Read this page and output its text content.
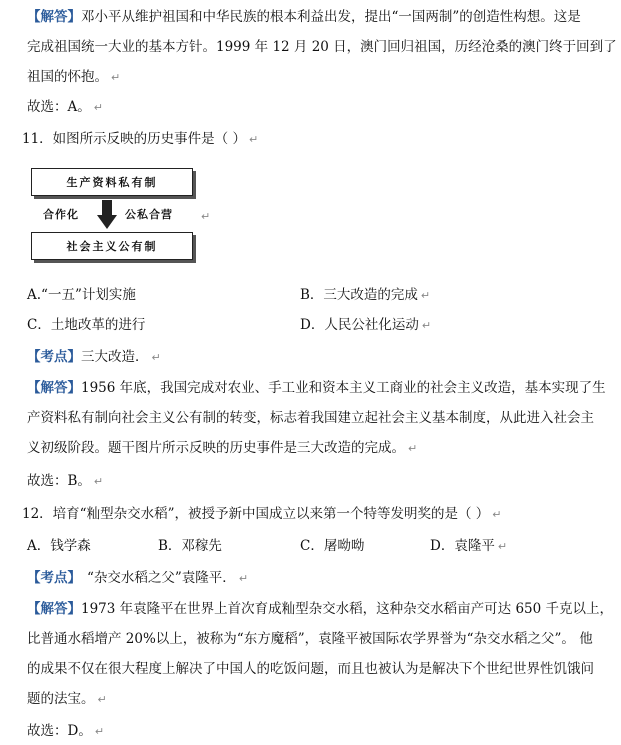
【解答】邓小平从维护祖国和中华民族的根本利益出发，提出“一国两制”的创造性构想。这是
完成祖国统一大业的基本方针。1999 年 12 月 20 日，澳门回归祖国，历经沧桑的澳门终于回到了
祖国的怀抱。 ↵
故选：A。 ↵
11．如图所示反映的历史事件是（ ） ↵
生产资料私有制
合作化	公私合营
社会主义公有制
↵
A.“一五”计划实施	B．三大改造的完成 ↵
C．土地改革的进行	D．人民公社化运动 ↵
【考点】三大改造． ↵
【解答】1956 年底，我国完成对农业、手工业和资本主义工商业的社会主义改造，基本实现了生
产资料私有制向社会主义公有制的转变，标志着我国建立起社会主义基本制度，从此进入社会主
义初级阶段。题干图片所示反映的历史事件是三大改造的完成。 ↵
故选：B。 ↵
12．培育“籼型杂交水稻”，被授予新中国成立以来第一个特等发明奖的是（ ） ↵
A．钱学森	B．邓稼先	C．屠呦呦	D．袁隆平 ↵
【考点】 “杂交水稻之父”袁隆平． ↵
【解答】1973 年袁隆平在世界上首次育成籼型杂交水稻，这种杂交水稻亩产可达 650 千克以上，
比普通水稻增产 20%以上，被称为“东方魔稻”，袁隆平被国际农学界誉为“杂交水稻之父”。 他
的成果不仅在很大程度上解决了中国人的吃饭问题，而且也被认为是解决下个世纪世界性饥饿问
题的法宝。 ↵
故选：D。 ↵
